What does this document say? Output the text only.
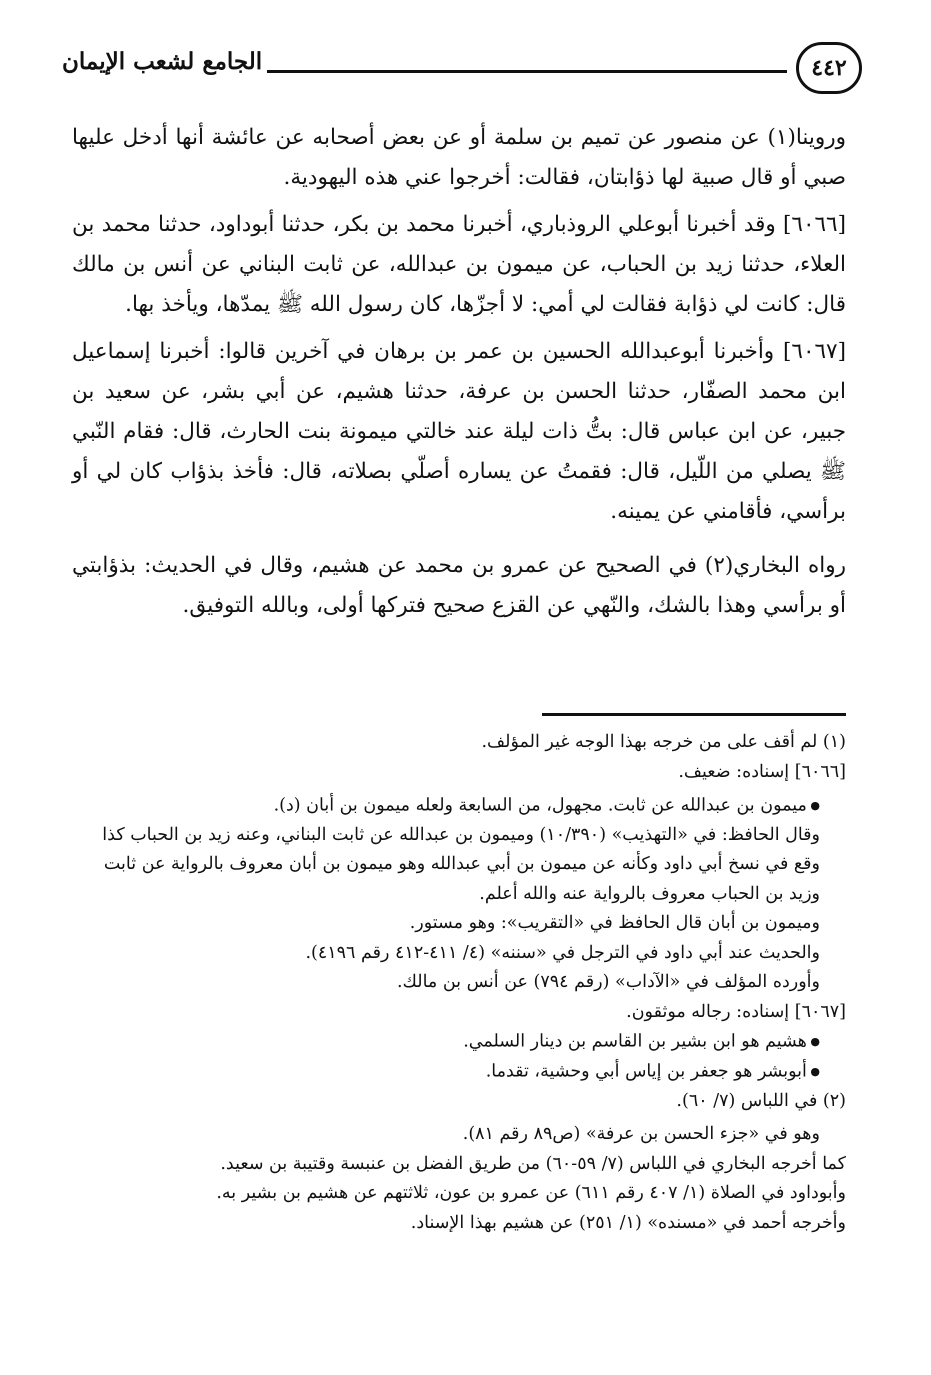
الجامع لشعب الإيمان	٤٤٢

وروينا(١) عن منصور عن تميم بن سلمة أو عن بعض أصحابه عن عائشة أنها أدخل عليها صبي أو قال صبية لها ذؤابتان، فقالت: أخرجوا عني هذه اليهودية.

[٦٠٦٦] وقد أخبرنا أبوعلي الروذباري، أخبرنا محمد بن بكر، حدثنا أبوداود، حدثنا محمد بن العلاء، حدثنا زيد بن الحباب، عن ميمون بن عبدالله، عن ثابت البناني عن أنس بن مالك قال: كانت لي ذؤابة فقالت لي أمي: لا أجزّها، كان رسول الله ﷺ يمدّها، ويأخذ بها.

[٦٠٦٧] وأخبرنا أبوعبدالله الحسين بن عمر بن برهان في آخرين قالوا: أخبرنا إسماعيل ابن محمد الصفّار، حدثنا الحسن بن عرفة، حدثنا هشيم، عن أبي بشر، عن سعيد بن جبير، عن ابن عباس قال: بتُّ ذات ليلة عند خالتي ميمونة بنت الحارث، قال: فقام النّبي ﷺ يصلي من اللّيل، قال: فقمتُ عن يساره أصلّي بصلاته، قال: فأخذ بذؤاب كان لي أو برأسي، فأقامني عن يمينه.

رواه البخاري(٢) في الصحيح عن عمرو بن محمد عن هشيم، وقال في الحديث: بذؤابتي أو برأسي وهذا بالشك، والنّهي عن القزع صحيح فتركها أولى، وبالله التوفيق.

(١) لم أقف على من خرجه بهذا الوجه غير المؤلف.

[٦٠٦٦] إسناده: ضعيف.

● ميمون بن عبدالله عن ثابت. مجهول، من السابعة ولعله ميمون بن أبان (د).

وقال الحافظ: في «التهذيب» (١٠/٣٩٠) وميمون بن عبدالله عن ثابت البناني، وعنه زيد بن الحباب كذا وقع في نسخ أبي داود وكأنه عن ميمون بن أبي عبدالله وهو ميمون بن أبان معروف بالرواية عن ثابت وزيد بن الحباب معروف بالرواية عنه والله أعلم.

وميمون بن أبان قال الحافظ في «التقريب»: وهو مستور.

والحديث عند أبي داود في الترجل في «سننه» (٤/ ٤١١-٤١٢ رقم ٤١٩٦).

وأورده المؤلف في «الآداب» (رقم ٧٩٤) عن أنس بن مالك.

[٦٠٦٧] إسناده: رجاله موثقون.

● هشيم هو ابن بشير بن القاسم بن دينار السلمي.

● أبوبشر هو جعفر بن إياس أبي وحشية، تقدما.

(٢) في اللباس (٧/ ٦٠).

وهو في «جزء الحسن بن عرفة» (ص٨٩ رقم ٨١).

كما أخرجه البخاري في اللباس (٧/ ٥٩-٦٠) من طريق الفضل بن عنبسة وقتيبة بن سعيد.

وأبوداود في الصلاة (١/ ٤٠٧ رقم ٦١١) عن عمرو بن عون، ثلاثتهم عن هشيم بن بشير به.

وأخرجه أحمد في «مسنده» (١/ ٢٥١) عن هشيم بهذا الإسناد.
